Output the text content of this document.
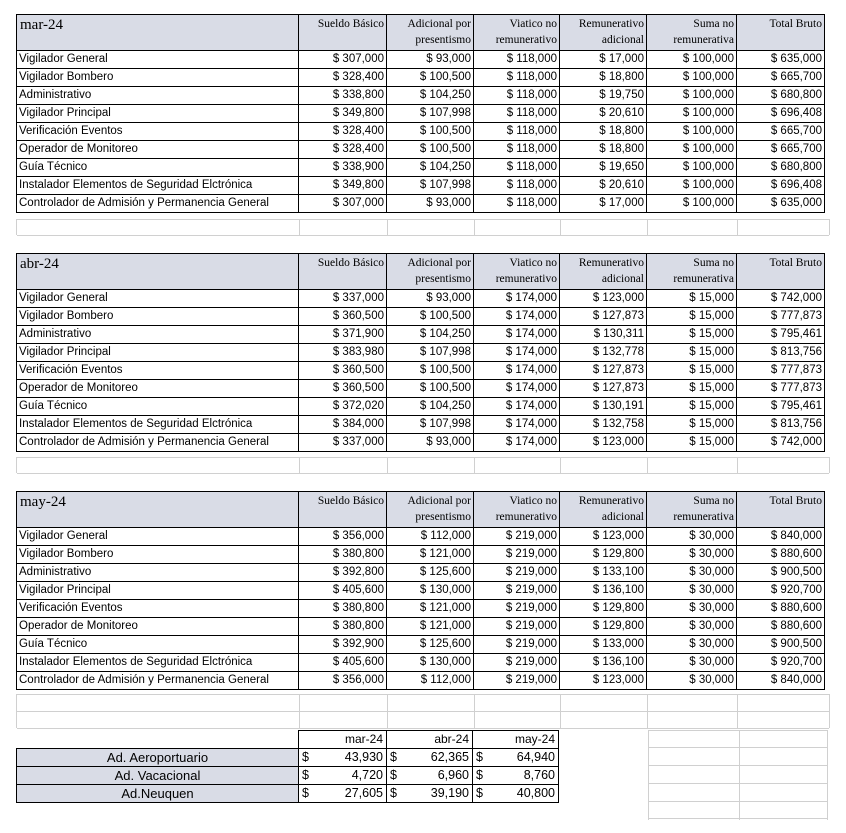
mar-24	Sueldo Básico	Adicional por presentismo	Viatico no remunerativo	Remunerativo adicional	Suma no remunerativa	Total Bruto
Vigilador General	$ 307,000	$ 93,000	$ 118,000	$ 17,000	$ 100,000	$ 635,000
Vigilador Bombero	$ 328,400	$ 100,500	$ 118,000	$ 18,800	$ 100,000	$ 665,700
Administrativo	$ 338,800	$ 104,250	$ 118,000	$ 19,750	$ 100,000	$ 680,800
Vigilador Principal	$ 349,800	$ 107,998	$ 118,000	$ 20,610	$ 100,000	$ 696,408
Verificación Eventos	$ 328,400	$ 100,500	$ 118,000	$ 18,800	$ 100,000	$ 665,700
Operador de Monitoreo	$ 328,400	$ 100,500	$ 118,000	$ 18,800	$ 100,000	$ 665,700
Guía Técnico	$ 338,900	$ 104,250	$ 118,000	$ 19,650	$ 100,000	$ 680,800
Instalador Elementos de Seguridad Elctrónica	$ 349,800	$ 107,998	$ 118,000	$ 20,610	$ 100,000	$ 696,408
Controlador de Admisión y Permanencia General	$ 307,000	$ 93,000	$ 118,000	$ 17,000	$ 100,000	$ 635,000
abr-24	Sueldo Básico	Adicional por presentismo	Viatico no remunerativo	Remunerativo adicional	Suma no remunerativa	Total Bruto
Vigilador General	$ 337,000	$ 93,000	$ 174,000	$ 123,000	$ 15,000	$ 742,000
Vigilador Bombero	$ 360,500	$ 100,500	$ 174,000	$ 127,873	$ 15,000	$ 777,873
Administrativo	$ 371,900	$ 104,250	$ 174,000	$ 130,311	$ 15,000	$ 795,461
Vigilador Principal	$ 383,980	$ 107,998	$ 174,000	$ 132,778	$ 15,000	$ 813,756
Verificación Eventos	$ 360,500	$ 100,500	$ 174,000	$ 127,873	$ 15,000	$ 777,873
Operador de Monitoreo	$ 360,500	$ 100,500	$ 174,000	$ 127,873	$ 15,000	$ 777,873
Guía Técnico	$ 372,020	$ 104,250	$ 174,000	$ 130,191	$ 15,000	$ 795,461
Instalador Elementos de Seguridad Elctrónica	$ 384,000	$ 107,998	$ 174,000	$ 132,758	$ 15,000	$ 813,756
Controlador de Admisión y Permanencia General	$ 337,000	$ 93,000	$ 174,000	$ 123,000	$ 15,000	$ 742,000
may-24	Sueldo Básico	Adicional por presentismo	Viatico no remunerativo	Remunerativo adicional	Suma no remunerativa	Total Bruto
Vigilador General	$ 356,000	$ 112,000	$ 219,000	$ 123,000	$ 30,000	$ 840,000
Vigilador Bombero	$ 380,800	$ 121,000	$ 219,000	$ 129,800	$ 30,000	$ 880,600
Administrativo	$ 392,800	$ 125,600	$ 219,000	$ 133,100	$ 30,000	$ 900,500
Vigilador Principal	$ 405,600	$ 130,000	$ 219,000	$ 136,100	$ 30,000	$ 920,700
Verificación Eventos	$ 380,800	$ 121,000	$ 219,000	$ 129,800	$ 30,000	$ 880,600
Operador de Monitoreo	$ 380,800	$ 121,000	$ 219,000	$ 129,800	$ 30,000	$ 880,600
Guía Técnico	$ 392,900	$ 125,600	$ 219,000	$ 133,000	$ 30,000	$ 900,500
Instalador Elementos de Seguridad Elctrónica	$ 405,600	$ 130,000	$ 219,000	$ 136,100	$ 30,000	$ 920,700
Controlador de Admisión y Permanencia General	$ 356,000	$ 112,000	$ 219,000	$ 123,000	$ 30,000	$ 840,000
	mar-24		abr-24		may-24	
Ad. Aeroportuario	$	43,930	$	62,365	$	64,940
Ad. Vacacional	$	4,720	$	6,960	$	8,760
Ad.Neuquen	$	27,605	$	39,190	$	40,800
